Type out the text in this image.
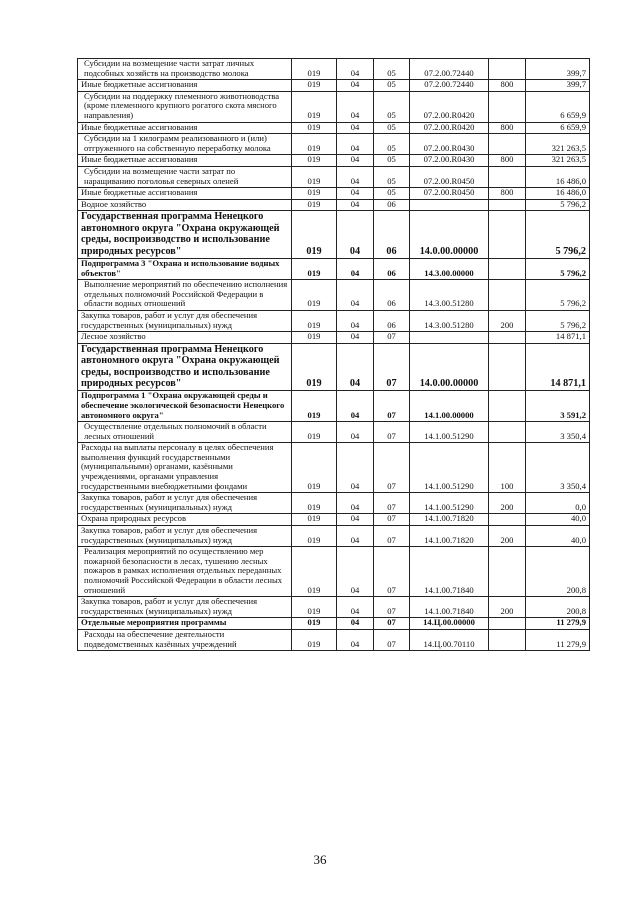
Субсидии на возмещение части затрат личных подсобных хозяйств на производство молока	019	04	05	07.2.00.72440		399,7
Иные бюджетные ассигнования	019	04	05	07.2.00.72440	800	399,7
Субсидии на поддержку племенного животноводства (кроме племенного крупного рогатого скота мясного направления)	019	04	05	07.2.00.R0420		6 659,9
Иные бюджетные ассигнования	019	04	05	07.2.00.R0420	800	6 659,9
Субсидии на 1 килограмм реализованного и (или) отгруженного на собственную переработку молока	019	04	05	07.2.00.R0430		321 263,5
Иные бюджетные ассигнования	019	04	05	07.2.00.R0430	800	321 263,5
Субсидии на возмещение части затрат по наращиванию поголовья северных оленей	019	04	05	07.2.00.R0450		16 486,0
Иные бюджетные ассигнования	019	04	05	07.2.00.R0450	800	16 486,0
Водное хозяйство	019	04	06			5 796,2
Государственная программа Ненецкого автономного округа "Охрана окружающей среды, воспроизводство и использование природных ресурсов"	019	04	06	14.0.00.00000		5 796,2
Подпрограмма 3 "Охрана и использование водных объектов"	019	04	06	14.3.00.00000		5 796,2
Выполнение мероприятий по обеспечению исполнения отдельных полномочий Российской Федерации в области водных отношений	019	04	06	14.3.00.51280		5 796,2
Закупка товаров, работ и услуг для обеспечения государственных (муниципальных) нужд	019	04	06	14.3.00.51280	200	5 796,2
Лесное хозяйство	019	04	07			14 871,1
Государственная программа Ненецкого автономного округа "Охрана окружающей среды, воспроизводство и использование природных ресурсов"	019	04	07	14.0.00.00000		14 871,1
Подпрограмма 1 "Охрана окружающей среды и обеспечение экологической безопасности Ненецкого автономного округа"	019	04	07	14.1.00.00000		3 591,2
Осуществление отдельных полномочий в области лесных отношений	019	04	07	14.1.00.51290		3 350,4
Расходы на выплаты персоналу в целях обеспечения выполнения функций государственными (муниципальными) органами, казёнными учреждениями, органами управления государственными внебюджетными фондами	019	04	07	14.1.00.51290	100	3 350,4
Закупка товаров, работ и услуг для обеспечения государственных (муниципальных) нужд	019	04	07	14.1.00.51290	200	0,0
Охрана природных ресурсов	019	04	07	14.1.00.71820		40,0
Закупка товаров, работ и услуг для обеспечения государственных (муниципальных) нужд	019	04	07	14.1.00.71820	200	40,0
Реализация мероприятий по осуществлению мер пожарной безопасности в лесах, тушению лесных пожаров в рамках исполнения отдельных переданных полномочий Российской Федерации в области лесных отношений	019	04	07	14.1.00.71840		200,8
Закупка товаров, работ и услуг для обеспечения государственных (муниципальных) нужд	019	04	07	14.1.00.71840	200	200,8
Отдельные мероприятия программы	019	04	07	14.Ц.00.00000		11 279,9
Расходы на обеспечение деятельности подведомственных казённых учреждений	019	04	07	14.Ц.00.70110		11 279,9
36
